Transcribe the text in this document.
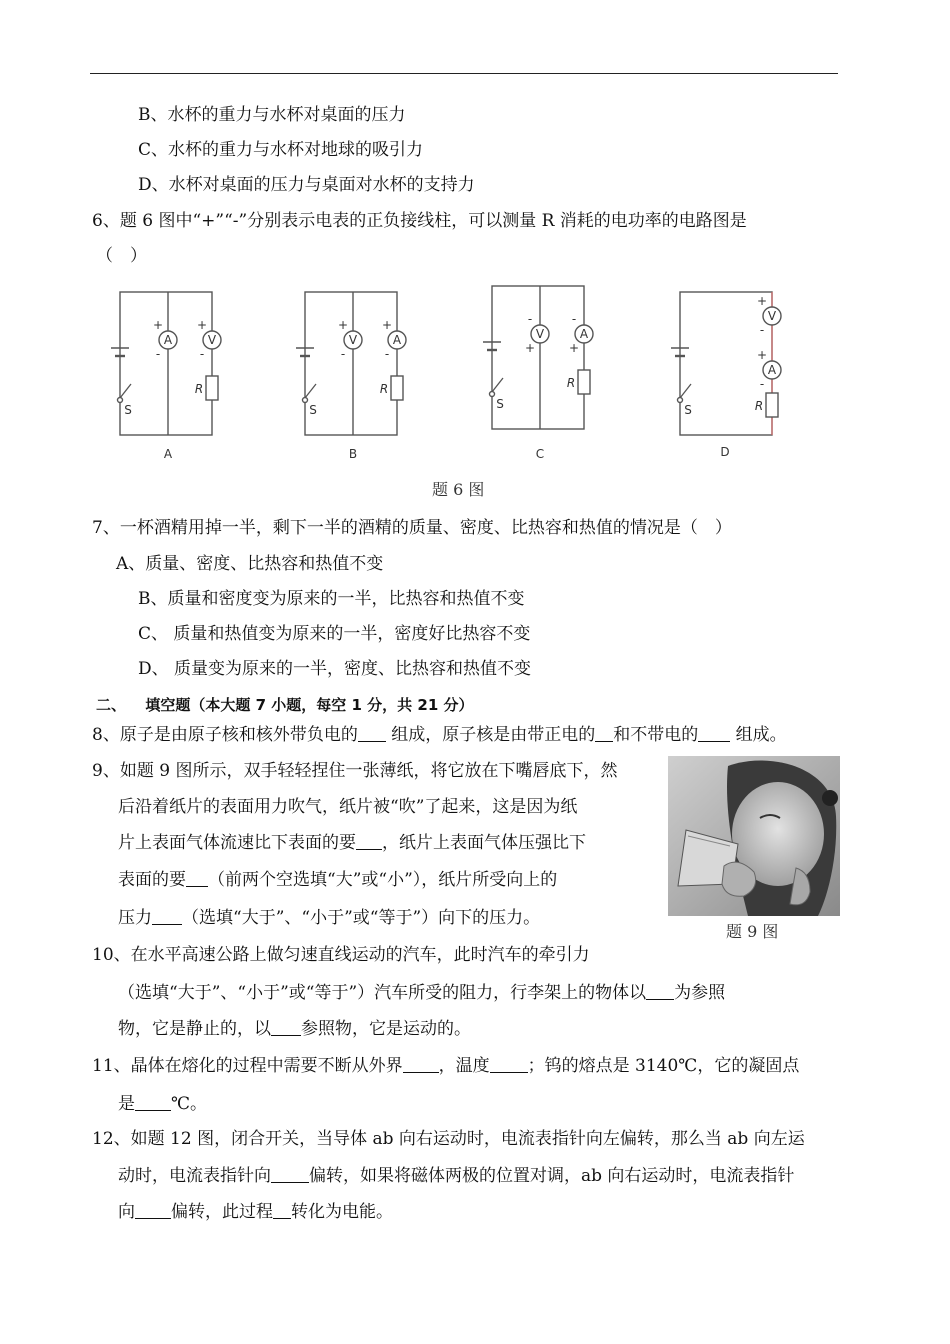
B、水杯的重力与水杯对桌面的压力
C、水杯的重力与水杯对地球的吸引力
D、水杯对桌面的压力与桌面对水杯的支持力
6、题 6 图中“+”“-”分别表示电表的正负接线柱，可以测量 R 消耗的电功率的电路图是
（　）
A	V
+
-
+
-
R
S
A
V	A
+
-
+
-
R
S
B
V	A
-
+
-
+
R
S
C
V
A
+
-
+
-
R
S
D
题 6 图
7、一杯酒精用掉一半，剩下一半的酒精的质量、密度、比热容和热值的情况是（　）
A、质量、密度、比热容和热值不变
B、质量和密度变为原来的一半，比热容和热值不变
C、 质量和热值变为原来的一半，密度好比热容不变
D、 质量变为原来的一半，密度、比热容和热值不变
二、 填空题（本大题 7 小题，每空 1 分，共 21 分）
8、原子是由原子核和核外带负电的 组成，原子核是由带正电的 和不带电的 组成。
9、如题 9 图所示，双手轻轻捏住一张薄纸，将它放在下嘴唇底下，然
后沿着纸片的表面用力吹气，纸片被“吹”了起来，这是因为纸
片上表面气体流速比下表面的要 ，纸片上表面气体压强比下
表面的要 （前两个空选填“大”或“小”），纸片所受向上的
压力 （选填“大于”、“小于”或“等于”）向下的压力。
题 9 图
10、在水平高速公路上做匀速直线运动的汽车，此时汽车的牵引力
（选填“大于”、“小于”或“等于”）汽车所受的阻力，行李架上的物体以 为参照
物，它是静止的，以 参照物，它是运动的。
11、晶体在熔化的过程中需要不断从外界 ，温度 ；钨的熔点是 3140℃，它的凝固点
是 ℃。
12、如题 12 图，闭合开关，当导体 ab 向右运动时，电流表指针向左偏转，那么当 ab 向左运
动时，电流表指针向 偏转，如果将磁体两极的位置对调，ab 向右运动时，电流表指针
向 偏转，此过程 转化为电能。
